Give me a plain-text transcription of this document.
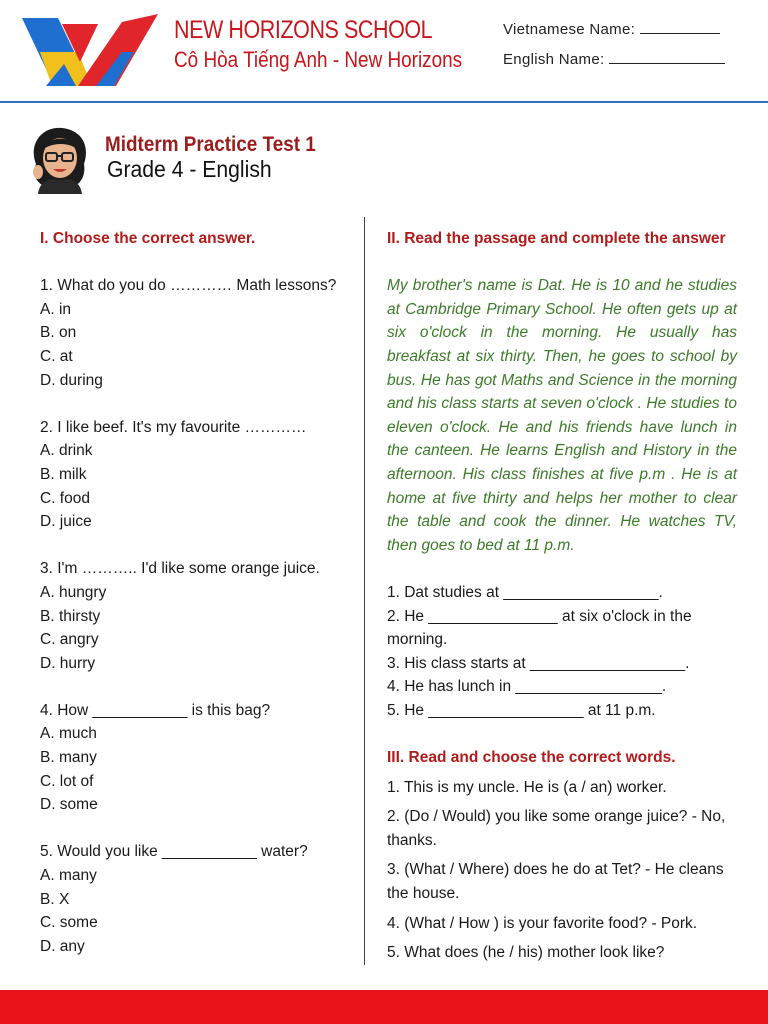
NEW HORIZONS SCHOOL
Cô Hòa Tiếng Anh - New Horizons
Vietnamese Name:
English Name:
Midterm Practice Test 1
Grade 4 - English
I. Choose the correct answer.
1. What do you do ………… Math lessons?
A. in
B. on
C. at
D. during
2. I like beef. It's my favourite …………
A. drink
B. milk
C. food
D. juice
3. I'm ……….. I'd like some orange juice.
A. hungry
B. thirsty
C. angry
D. hurry
4. How ___________ is this bag?
A. much
B. many
C. lot of
D. some
5. Would you like ___________ water?
A. many
B. X
C. some
D. any
II. Read the passage and complete the answer
My brother's name is Dat. He is 10 and he studies at Cambridge Primary School. He often gets up at six o'clock in the morning. He usually has breakfast at six thirty. Then, he goes to school by bus. He has got Maths and Science in the morning and his class starts at seven o'clock . He studies to eleven o'clock. He and his friends have lunch in the canteen. He learns English and History in the afternoon. His class finishes at five p.m . He is at home at five thirty and helps her mother to clear the table and cook the dinner. He watches TV, then goes to bed at 11 p.m.
1. Dat studies at __________________.
2. He _______________ at six o'clock in the morning.
3. His class starts at __________________.
4. He has lunch in _________________.
5. He __________________ at 11 p.m.
III. Read and choose the correct words.
1. This is my uncle. He is (a / an) worker.
2. (Do / Would) you like some orange juice? - No, thanks.
3. (What / Where) does he do at Tet? - He cleans the house.
4. (What / How ) is your favorite food? - Pork.
5. What does (he / his) mother look like?
